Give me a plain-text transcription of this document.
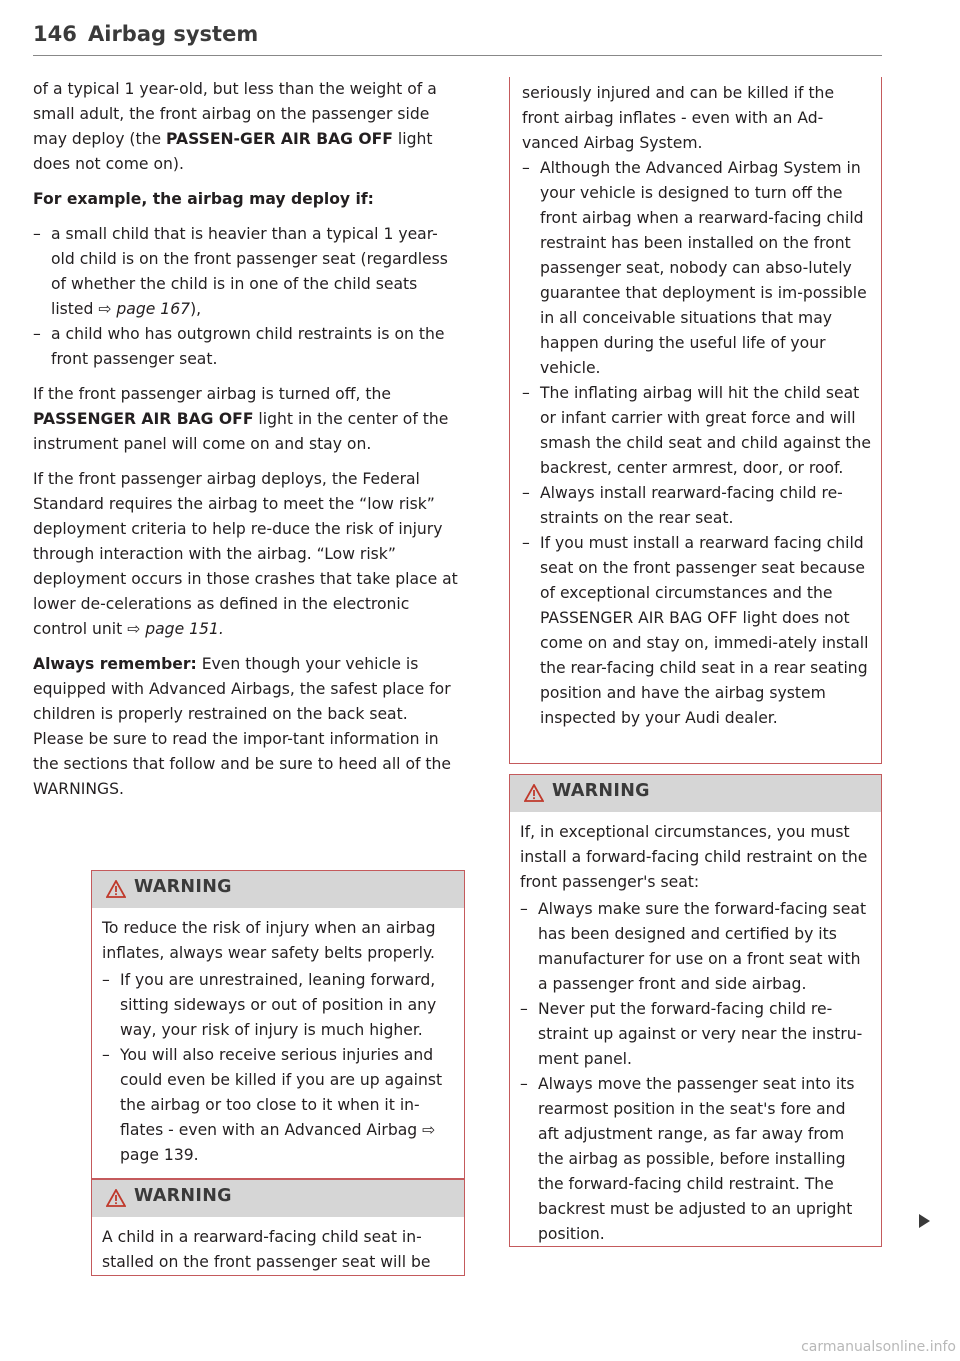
146 Airbag system

of a typical 1 year-old, but less than the weight of a small adult, the front airbag on the passenger side may deploy (the PASSEN-GER AIR BAG OFF light does not come on).

For example, the airbag may deploy if:

– a small child that is heavier than a typical 1 year-old child is on the front passenger seat (regardless of whether the child is in one of the child seats listed ⇨ page 167),
– a child who has outgrown child restraints is on the front passenger seat.

If the front passenger airbag is turned off, the PASSENGER AIR BAG OFF light in the center of the instrument panel will come on and stay on.

If the front passenger airbag deploys, the Federal Standard requires the airbag to meet the “low risk” deployment criteria to help re-duce the risk of injury through interaction with the airbag. “Low risk” deployment occurs in those crashes that take place at lower de-celerations as defined in the electronic control unit ⇨ page 151.

Always remember: Even though your vehicle is equipped with Advanced Airbags, the safest place for children is properly restrained on the back seat. Please be sure to read the impor-tant information in the sections that follow and be sure to heed all of the WARNINGS.

WARNING

To reduce the risk of injury when an airbag inflates, always wear safety belts properly.

– If you are unrestrained, leaning forward, sitting sideways or out of position in any way, your risk of injury is much higher.
– You will also receive serious injuries and could even be killed if you are up against the airbag or too close to it when it in-flates - even with an Advanced Airbag ⇨ page 139.
WARNING

A child in a rearward-facing child seat in-stalled on the front passenger seat will be

seriously injured and can be killed if the front airbag inflates - even with an Ad-vanced Airbag System.

– Although the Advanced Airbag System in your vehicle is designed to turn off the front airbag when a rearward-facing child restraint has been installed on the front passenger seat, nobody can abso-lutely guarantee that deployment is im-possible in all conceivable situations that may happen during the useful life of your vehicle.
– The inflating airbag will hit the child seat or infant carrier with great force and will smash the child seat and child against the backrest, center armrest, door, or roof.
– Always install rearward-facing child re-straints on the rear seat.
– If you must install a rearward facing child seat on the front passenger seat because of exceptional circumstances and the PASSENGER AIR BAG OFF light does not come on and stay on, immedi-ately install the rear-facing child seat in a rear seating position and have the airbag system inspected by your Audi dealer.
WARNING

If, in exceptional circumstances, you must install a forward-facing child restraint on the front passenger's seat:

– Always make sure the forward-facing seat has been designed and certified by its manufacturer for use on a front seat with a passenger front and side airbag.
– Never put the forward-facing child re-straint up against or very near the instru-ment panel.
– Always move the passenger seat into its rearmost position in the seat's fore and aft adjustment range, as far away from the airbag as possible, before installing the forward-facing child restraint. The backrest must be adjusted to an upright position.
carmanualsonline.info
